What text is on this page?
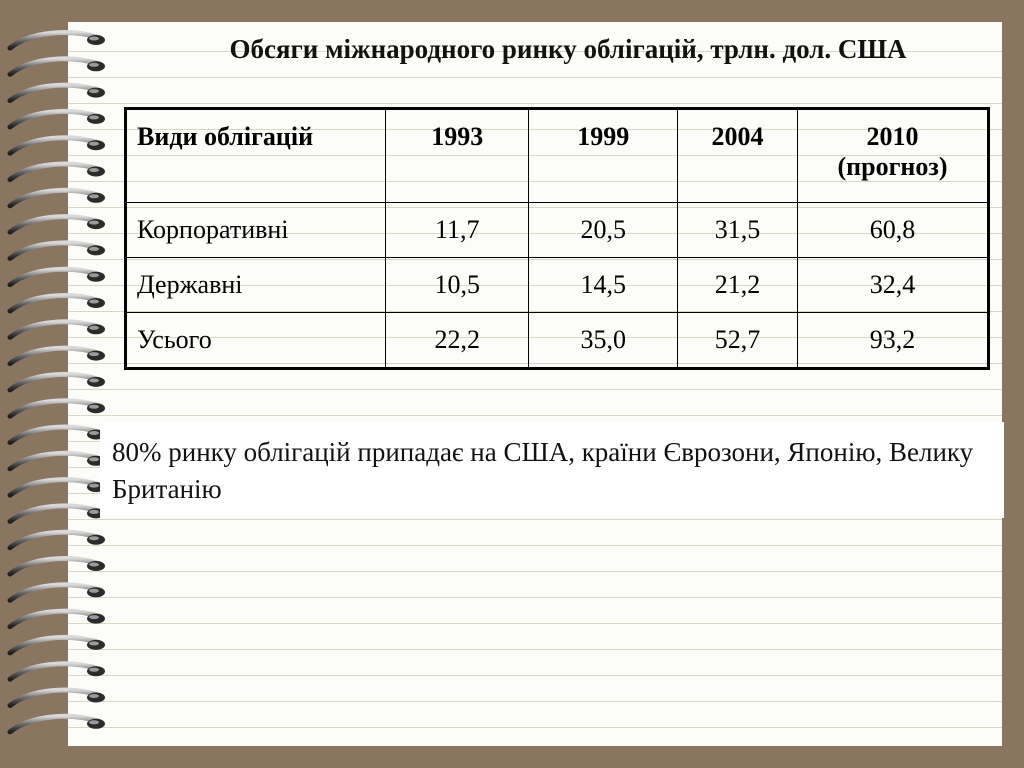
Обсяги міжнародного ринку облігацій, трлн. дол. США
Види облігацій	1993	1999	2004	2010
(прогноз)
Корпоративні	11,7	20,5	31,5	60,8
Державні	10,5	14,5	21,2	32,4
Усього	22,2	35,0	52,7	93,2
80% ринку облігацій припадає на США, країни Єврозони, Японію, Велику Британію
